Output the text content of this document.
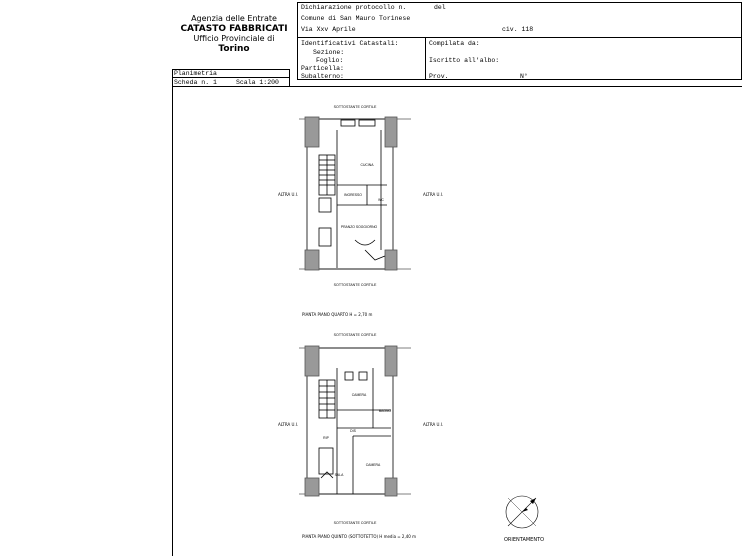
Agenzia delle Entrate
CATASTO FABBRICATI
Ufficio Provinciale di
Torino
Dichiarazione protocollo n.	del
Comune di San Mauro Torinese
Via Xxv Aprile	civ. 118
Identificativi Catastali:
Sezione:
Foglio:
Particella:
Subalterno:
Compilata da:
Iscritto all'albo:
Prov.	N°
Planimetria
Scheda n. 1	Scala 1:200
SOTTOSTANTE CORTILE
SOTTOSTANTE CORTILE
CUCINA
INGRESSO
WC
PRANZO SOGGIORNO
ALTRA U.I.	ALTRA U.I.
PIANTA PIANO QUARTO H = 2,70 m
SOTTOSTANTE CORTILE
SOTTOSTANTE CORTILE
CAMERA
BAGNO
DIS
RIP
CAMERA
SALA
ALTRA U.I.	ALTRA U.I.
PIANTA PIANO QUINTO (SOTTOTETTO) H media = 2,40 m
ORIENTAMENTO
